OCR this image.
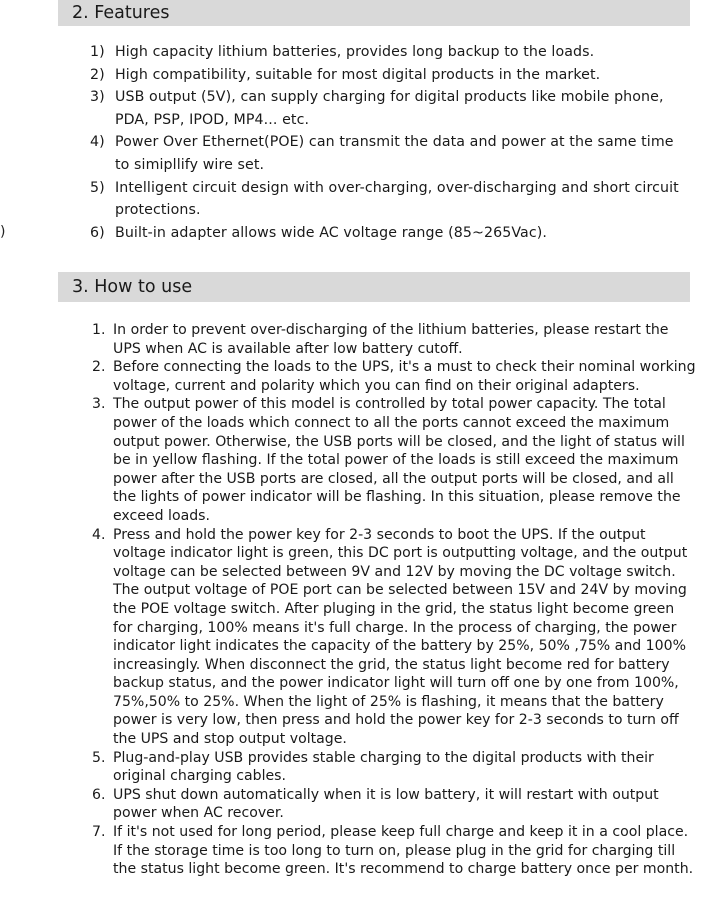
)
2. Features
1) High capacity lithium batteries, provides long backup to the loads.
2) High compatibility, suitable for most digital products in the market.
3) USB output (5V), can supply charging for digital products like mobile phone, PDA, PSP, IPOD, MP4... etc.
4) Power Over Ethernet(POE) can transmit the data and power at the same time to simipllify wire set.
5) Intelligent circuit design with over-charging, over-discharging and short circuit protections.
6) Built-in adapter allows wide AC voltage range (85~265Vac).
3. How to use
1. In order to prevent over-discharging of the lithium batteries, please restart the UPS when AC is available after low battery cutoff.
2. Before connecting the loads to the UPS, it's a must to check their nominal working voltage, current and polarity which you can find on their original adapters.
3. The output power of this model is controlled by total power capacity. The total power of the loads which connect to all the ports cannot exceed the maximum output power. Otherwise, the USB ports will be closed, and the light of status will be in yellow flashing. If the total power of the loads is still exceed the maximum power after the USB ports are closed, all the output ports will be closed, and all the lights of power indicator will be flashing. In this situation, please remove the exceed loads.
4. Press and hold the power key for 2-3 seconds to boot the UPS. If the output voltage indicator light is green, this DC port is outputting voltage, and the output voltage can be selected between 9V and 12V by moving the DC voltage switch. The output voltage of POE port can be selected between 15V and 24V by moving the POE voltage switch. After pluging in the grid, the status light become green for charging, 100% means it's full charge. In the process of charging, the power indicator light indicates the capacity of the battery by 25%, 50% ,75% and 100% increasingly. When disconnect the grid, the status light become red for battery backup status, and the power indicator light will turn off one by one from 100%, 75%,50% to 25%. When the light of 25% is flashing, it means that the battery power is very low, then press and hold the power key for 2-3 seconds to turn off the UPS and stop output voltage.
5. Plug-and-play USB provides stable charging to the digital products with their original charging cables.
6. UPS shut down automatically when it is low battery, it will restart with output power when AC recover.
7. If it's not used for long period, please keep full charge and keep it in a cool place. If the storage time is too long to turn on, please plug in the grid for charging till the status light become green. It's recommend to charge battery once per month.
